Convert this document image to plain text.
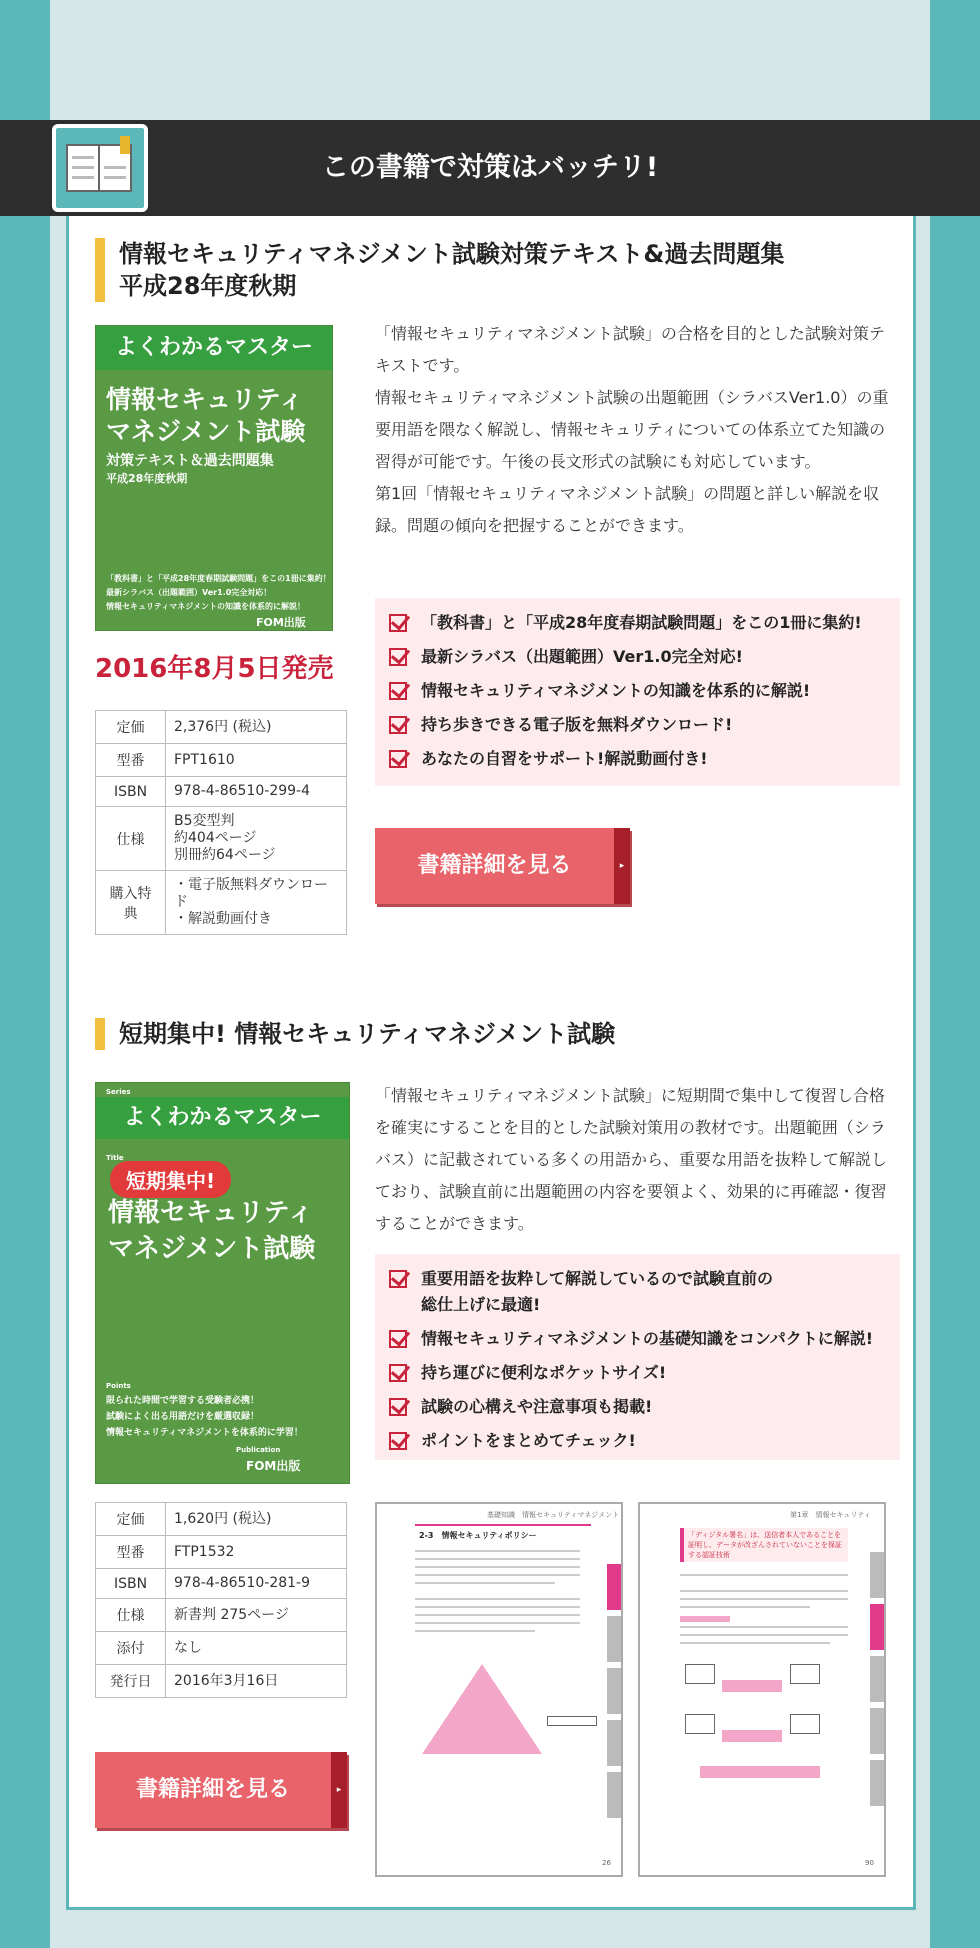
この書籍で対策はバッチリ!
情報セキュリティマネジメント試験対策テキスト&過去問題集
平成28年度秋期
よくわかるマスター
情報セキュリティ
マネジメント試験
対策テキスト＆過去問題集
平成28年度秋期
「教科書」と「平成28年度春期試験問題」をこの1冊に集約！
最新シラバス（出題範囲）Ver1.0完全対応！
情報セキュリティマネジメントの知識を体系的に解説！
FOM出版
2016年8月5日発売
定価	2,376円 (税込)
型番	FPT1610
ISBN	978-4-86510-299-4
仕様	B5変型判
約404ページ
別冊約64ページ
購入特典	・電子版無料ダウンロード
・解説動画付き
「情報セキュリティマネジメント試験」の合格を目的とした試験対策テキストです。
情報セキュリティマネジメント試験の出題範囲（シラバスVer1.0）の重要用語を隈なく解説し、情報セキュリティについての体系立てた知識の習得が可能です。午後の長文形式の試験にも対応しています。
第1回「情報セキュリティマネジメント試験」の問題と詳しい解説を収録。問題の傾向を把握することができます。
「教科書」と「平成28年度春期試験問題」をこの1冊に集約!
最新シラバス（出題範囲）Ver1.0完全対応!
情報セキュリティマネジメントの知識を体系的に解説!
持ち歩きできる電子版を無料ダウンロード!
あなたの自習をサポート!解説動画付き!
書籍詳細を見る	▸
短期集中! 情報セキュリティマネジメント試験
Series
よくわかるマスター
Title
短期集中!
情報セキュリティ
マネジメント試験
Points
限られた時間で学習する受験者必携！
試験によく出る用語だけを厳選収録！
情報セキュリティマネジメントを体系的に学習！
Publication
FOM出版
定価	1,620円 (税込)
型番	FTP1532
ISBN	978-4-86510-281-9
仕様	新書判 275ページ
添付	なし
発行日	2016年3月16日
書籍詳細を見る	▸
「情報セキュリティマネジメント試験」に短期間で集中して復習し合格を確実にすることを目的とした試験対策用の教材です。出題範囲（シラバス）に記載されている多くの用語から、重要な用語を抜粋して解説しており、試験直前に出題範囲の内容を要領よく、効果的に再確認・復習することができます。
重要用語を抜粋して解説しているので試験直前の
総仕上げに最適!
情報セキュリティマネジメントの基礎知識をコンパクトに解説!
持ち運びに便利なポケットサイズ!
試験の心構えや注意事項も掲載!
ポイントをまとめてチェック!
基礎知識　情報セキュリティマネジメント
2-3　情報セキュリティポリシー
26
第1章　情報セキュリティ
「ディジタル署名」は、送信者本人であることを証明し、データが改ざんされていないことを保証する認証技術
90
